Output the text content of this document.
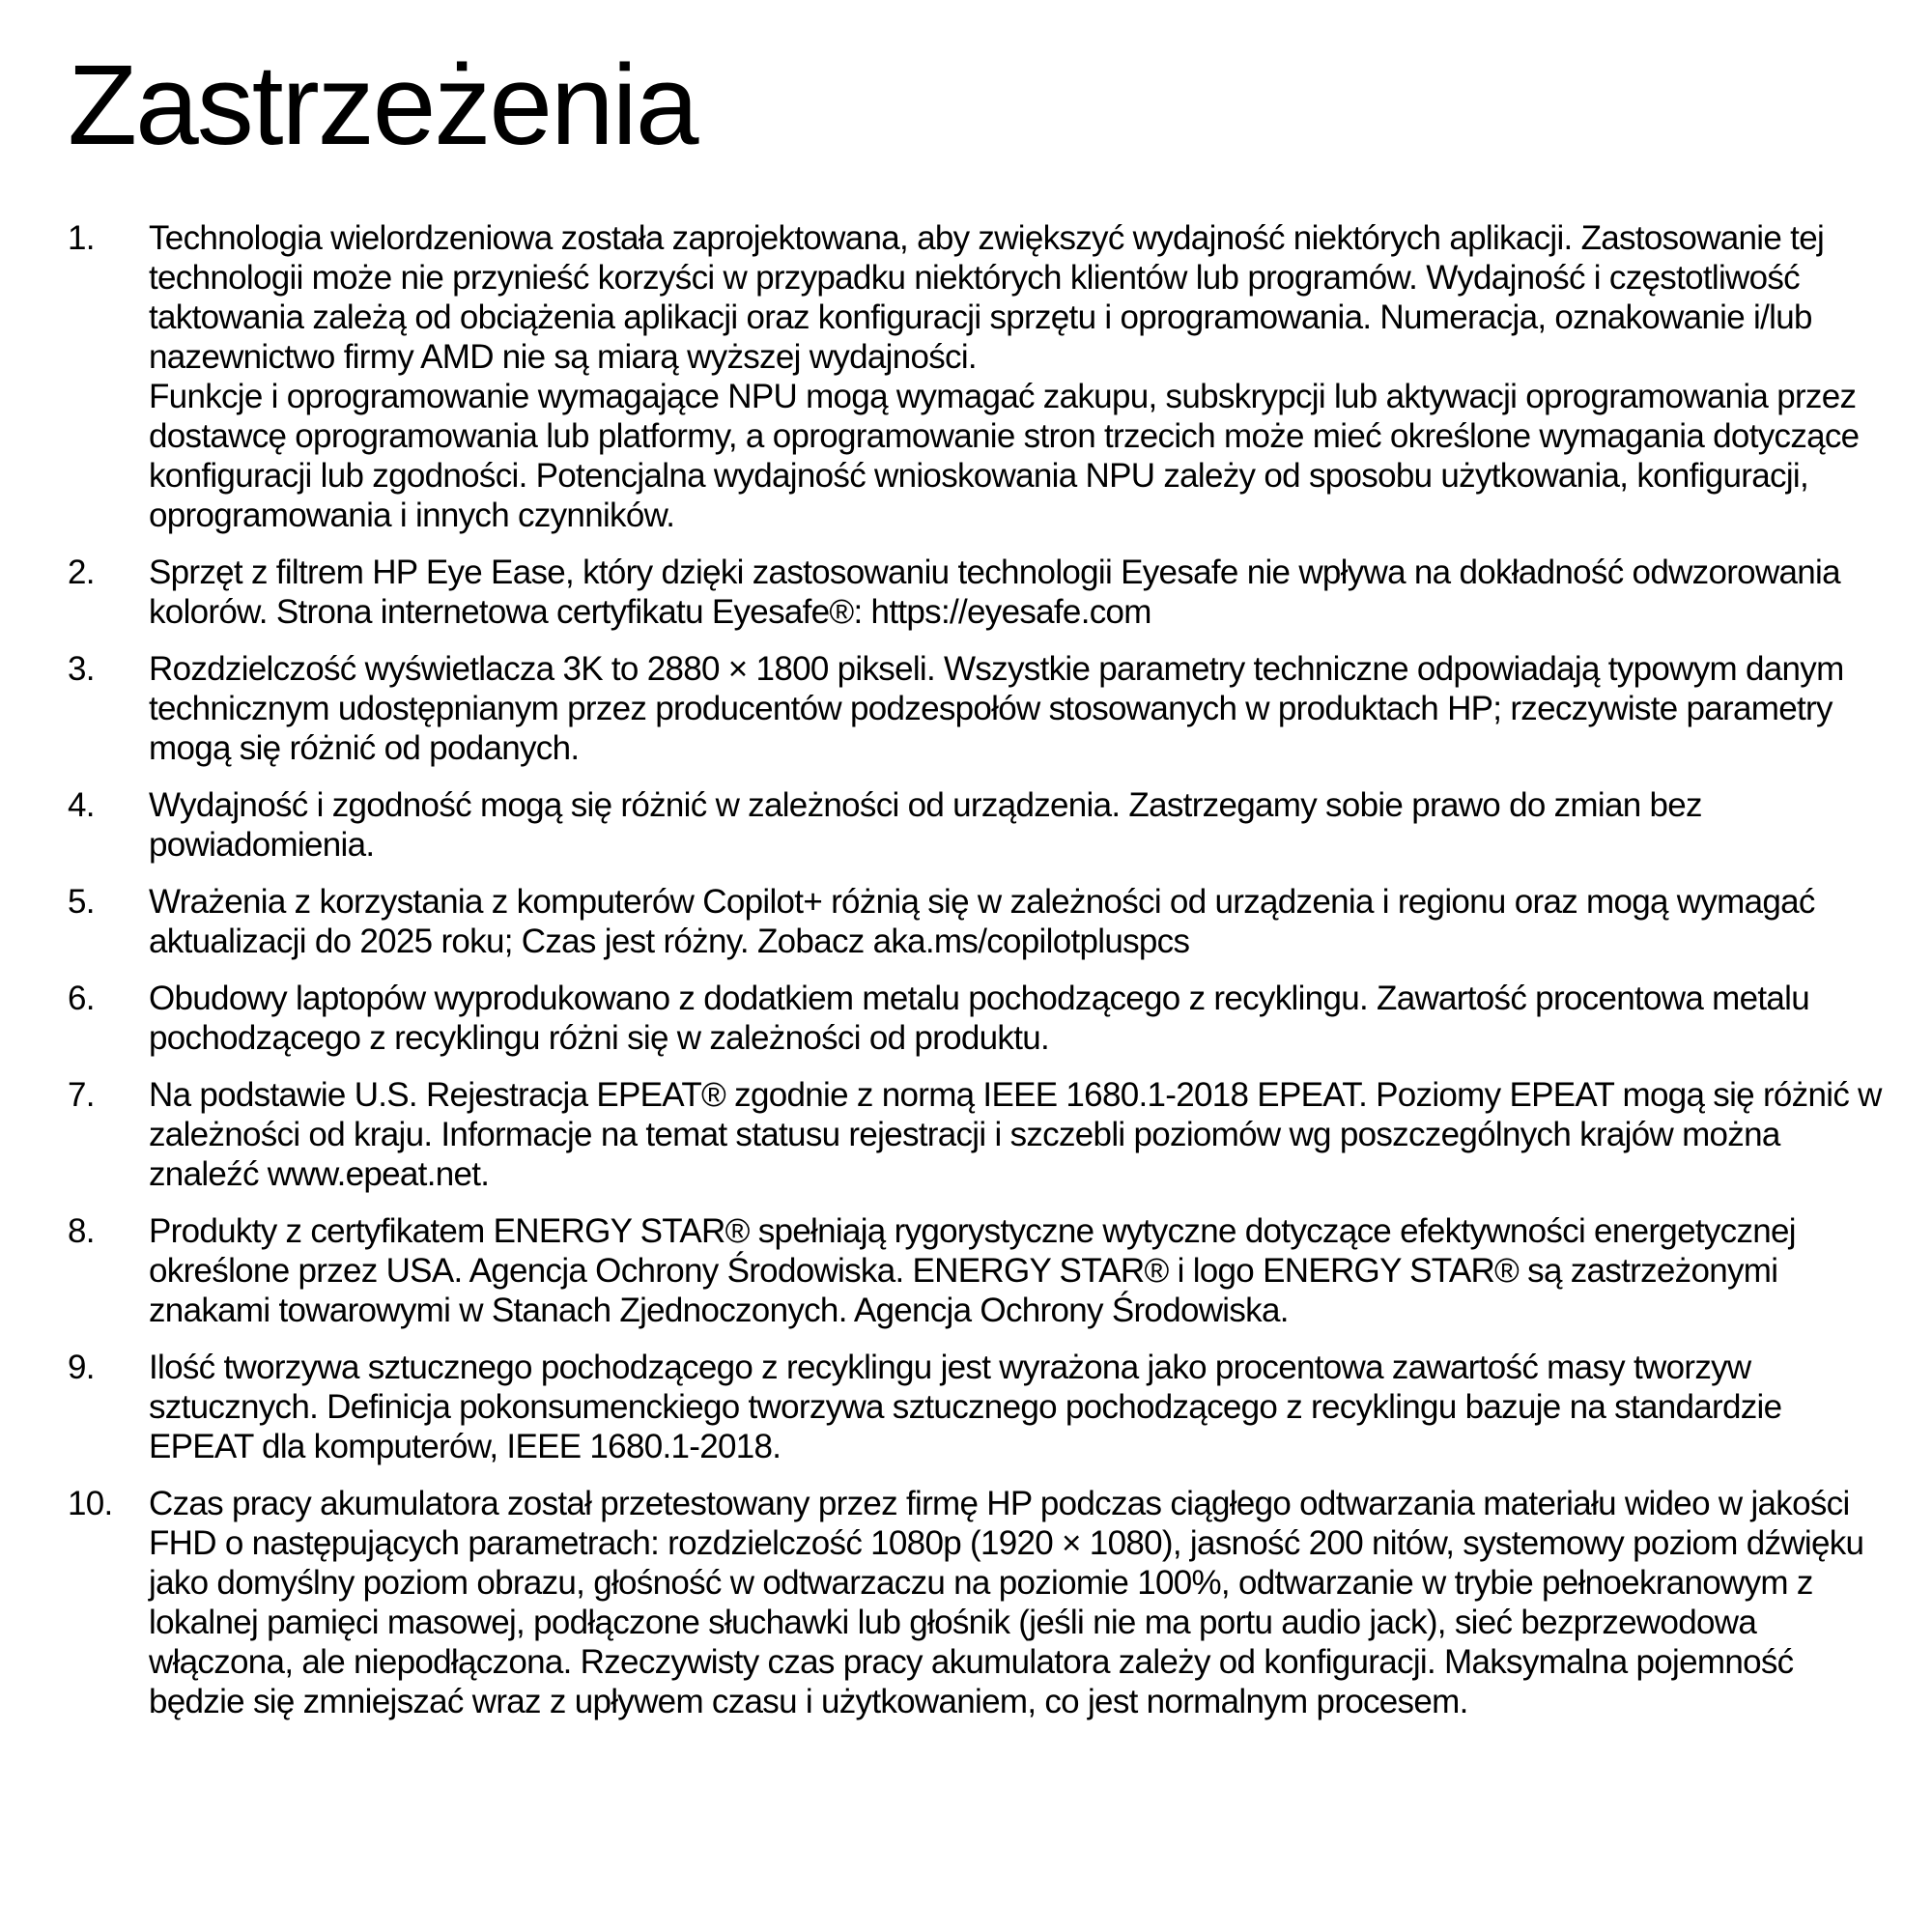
Zastrzeżenia
1.	Technologia wielordzeniowa została zaprojektowana, aby zwiększyć wydajność niektórych aplikacji. Zastosowanie tej technologii może nie przynieść korzyści w przypadku niektórych klientów lub programów. Wydajność i częstotliwość taktowania zależą od obciążenia aplikacji oraz konfiguracji sprzętu i oprogramowania. Numeracja, oznakowanie i/lub nazewnictwo firmy AMD nie są miarą wyższej wydajności.

Funkcje i oprogramowanie wymagające NPU mogą wymagać zakupu, subskrypcji lub aktywacji oprogramowania przez dostawcę oprogramowania lub platformy, a oprogramowanie stron trzecich może mieć określone wymagania dotyczące konfiguracji lub zgodności. Potencjalna wydajność wnioskowania NPU zależy od sposobu użytkowania, konfiguracji, oprogramowania i innych czynników.

2.	Sprzęt z filtrem HP Eye Ease, który dzięki zastosowaniu technologii Eyesafe nie wpływa na dokładność odwzorowania kolorów. Strona internetowa certyfikatu Eyesafe®: https://eyesafe.com

3.	Rozdzielczość wyświetlacza 3K to 2880 × 1800 pikseli. Wszystkie parametry techniczne odpowiadają typowym danym technicznym udostępnianym przez producentów podzespołów stosowanych w produktach HP; rzeczywiste parametry mogą się różnić od podanych.

4.	Wydajność i zgodność mogą się różnić w zależności od urządzenia. Zastrzegamy sobie prawo do zmian bez powiadomienia.

5.	Wrażenia z korzystania z komputerów Copilot+ różnią się w zależności od urządzenia i regionu oraz mogą wymagać aktualizacji do 2025 roku; Czas jest różny. Zobacz aka.ms/copilotpluspcs

6.	Obudowy laptopów wyprodukowano z dodatkiem metalu pochodzącego z recyklingu. Zawartość procentowa metalu pochodzącego z recyklingu różni się w zależności od produktu.

7.	Na podstawie U.S. Rejestracja EPEAT® zgodnie z normą IEEE 1680.1-2018 EPEAT. Poziomy EPEAT mogą się różnić w zależności od kraju. Informacje na temat statusu rejestracji i szczebli poziomów wg poszczególnych krajów można znaleźć www.epeat.net.

8.	Produkty z certyfikatem ENERGY STAR® spełniają rygorystyczne wytyczne dotyczące efektywności energetycznej określone przez USA. Agencja Ochrony Środowiska. ENERGY STAR® i logo ENERGY STAR® są zastrzeżonymi znakami towarowymi w Stanach Zjednoczonych. Agencja Ochrony Środowiska.

9.	Ilość tworzywa sztucznego pochodzącego z recyklingu jest wyrażona jako procentowa zawartość masy tworzyw sztucznych. Definicja pokonsumenckiego tworzywa sztucznego pochodzącego z recyklingu bazuje na standardzie EPEAT dla komputerów, IEEE 1680.1-2018.

10.	Czas pracy akumulatora został przetestowany przez firmę HP podczas ciągłego odtwarzania materiału wideo w jakości FHD o następujących parametrach: rozdzielczość 1080p (1920 × 1080), jasność 200 nitów, systemowy poziom dźwięku jako domyślny poziom obrazu, głośność w odtwarzaczu na poziomie 100%, odtwarzanie w trybie pełnoekranowym z lokalnej pamięci masowej, podłączone słuchawki lub głośnik (jeśli nie ma portu audio jack), sieć bezprzewodowa włączona, ale niepodłączona. Rzeczywisty czas pracy akumulatora zależy od konfiguracji. Maksymalna pojemność będzie się zmniejszać wraz z upływem czasu i użytkowaniem, co jest normalnym procesem.
